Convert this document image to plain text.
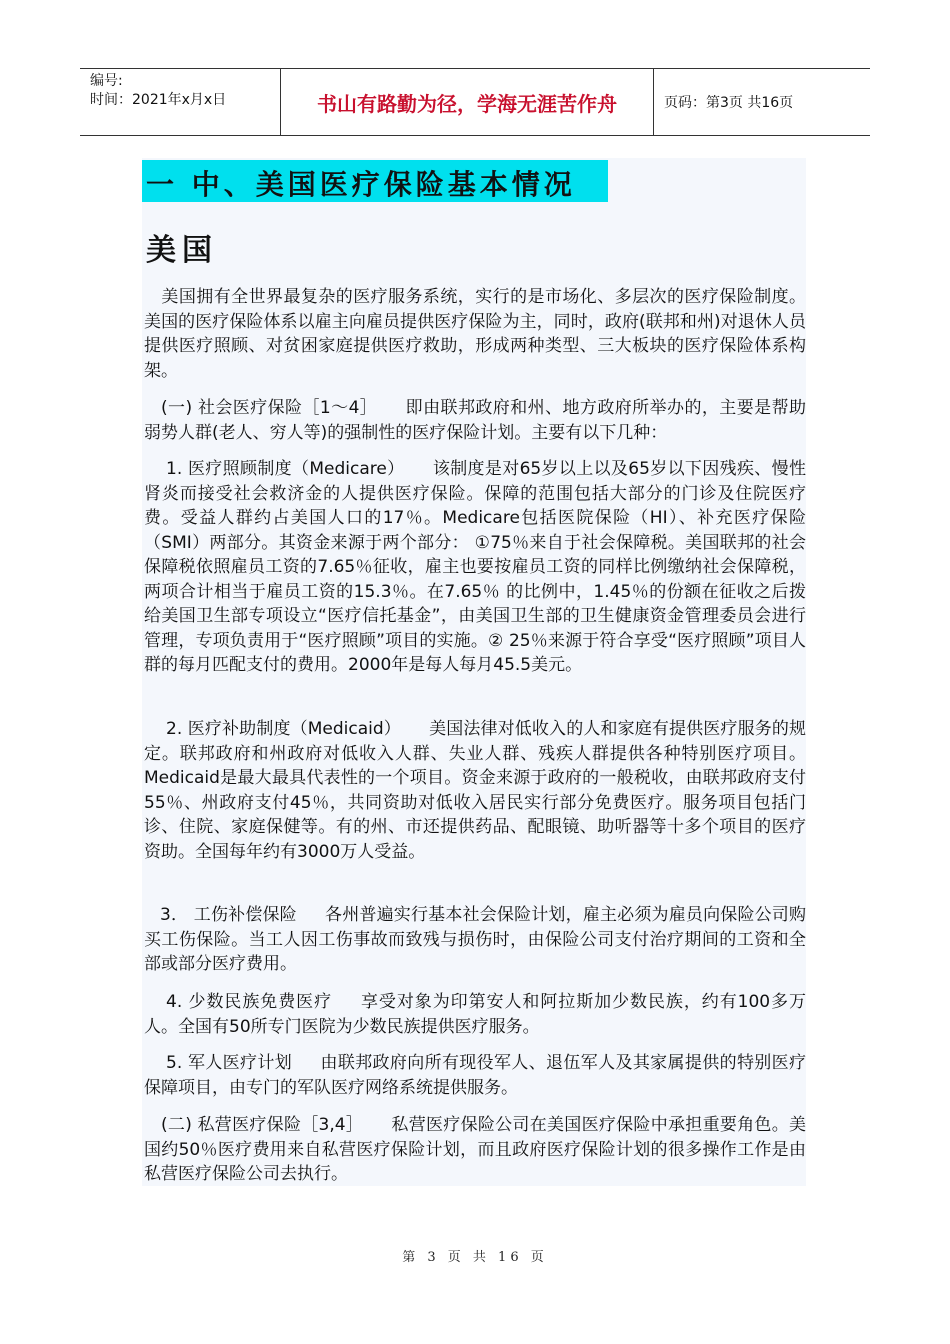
编号:
时间：2021年x月x日	书山有路勤为径，学海无涯苦作舟	页码：第3页 共16页
一 中、美国医疗保险基本情况
美国
美国拥有全世界最复杂的医疗服务系统，实行的是市场化、多层次的医疗保险制度。美国的医疗保险体系以雇主向雇员提供医疗保险为主，同时，政府(联邦和州)对退休人员提供医疗照顾、对贫困家庭提供医疗救助，形成两种类型、三大板块的医疗保险体系构架。
(一) 社会医疗保险［1～4］ 即由联邦政府和州、地方政府所举办的，主要是帮助弱势人群(老人、穷人等)的强制性的医疗保险计划。主要有以下几种：
1. 医疗照顾制度（Medicare） 该制度是对65岁以上以及65岁以下因残疾、慢性肾炎而接受社会救济金的人提供医疗保险。保障的范围包括大部分的门诊及住院医疗费。受益人群约占美国人口的17％。Medicare包括医院保险（HI）、补充医疗保险（SMI）两部分。其资金来源于两个部分： ①75％来自于社会保障税。美国联邦的社会保障税依照雇员工资的7.65％征收，雇主也要按雇员工资的同样比例缴纳社会保障税，两项合计相当于雇员工资的15.3％。在7.65％ 的比例中，1.45％的份额在征收之后拨给美国卫生部专项设立“医疗信托基金”，由美国卫生部的卫生健康资金管理委员会进行管理，专项负责用于“医疗照顾”项目的实施。② 25％来源于符合享受“医疗照顾”项目人群的每月匹配支付的费用。2000年是每人每月45.5美元。
2. 医疗补助制度（Medicaid） 美国法律对低收入的人和家庭有提供医疗服务的规定。联邦政府和州政府对低收入人群、失业人群、残疾人群提供各种特别医疗项目。Medicaid是最大最具代表性的一个项目。资金来源于政府的一般税收，由联邦政府支付55％、州政府支付45％，共同资助对低收入居民实行部分免费医疗。服务项目包括门诊、住院、家庭保健等。有的州、市还提供药品、配眼镜、助听器等十多个项目的医疗资助。全国每年约有3000万人受益。
3． 工伤补偿保险 各州普遍实行基本社会保险计划，雇主必须为雇员向保险公司购买工伤保险。当工人因工伤事故而致残与损伤时，由保险公司支付治疗期间的工资和全部或部分医疗费用。
4. 少数民族免费医疗 享受对象为印第安人和阿拉斯加少数民族，约有100多万人。全国有50所专门医院为少数民族提供医疗服务。
5. 军人医疗计划 由联邦政府向所有现役军人、退伍军人及其家属提供的特别医疗保障项目，由专门的军队医疗网络系统提供服务。
(二) 私营医疗保险［3,4］ 私营医疗保险公司在美国医疗保险中承担重要角色。美国约50％医疗费用来自私营医疗保险计划，而且政府医疗保险计划的很多操作工作是由私营医疗保险公司去执行。
第 3 页 共 16 页
